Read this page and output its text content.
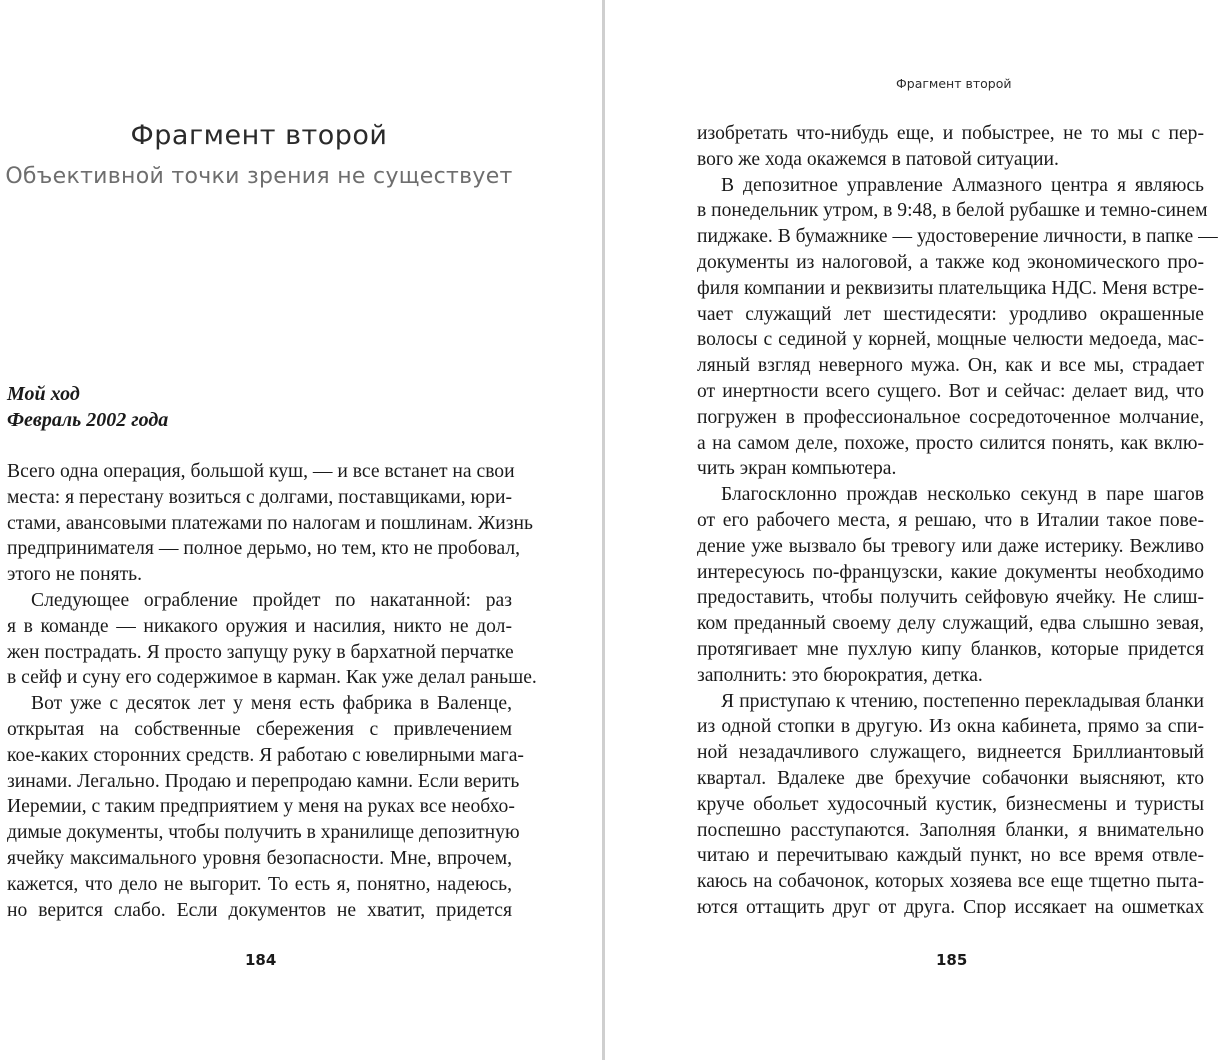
Фрагмент второй
Объективной точки зрения не существует
Мой ход
Февраль 2002 года
Всего одна операция, большой куш, — и все встанет на свои
места: я перестану возиться с долгами, поставщиками, юри-
стами, авансовыми платежами по налогам и пошлинам. Жизнь
предпринимателя — полное дерьмо, но тем, кто не пробовал,
этого не понять.
Следующее ограбление пройдет по накатанной: раз
я в команде — никакого оружия и насилия, никто не дол-
жен пострадать. Я просто запущу руку в бархатной перчатке
в сейф и суну его содержимое в карман. Как уже делал раньше.
Вот уже с десяток лет у меня есть фабрика в Валенце,
открытая на собственные сбережения с привлечением
кое-каких сторонних средств. Я работаю с ювелирными мага-
зинами. Легально. Продаю и перепродаю камни. Если верить
Иеремии, с таким предприятием у меня на руках все необхо-
димые документы, чтобы получить в хранилище депозитную
ячейку максимального уровня безопасности. Мне, впрочем,
кажется, что дело не выгорит. То есть я, понятно, надеюсь,
но верится слабо. Если документов не хватит, придется
184
Фрагмент второй
изобретать что-нибудь еще, и побыстрее, не то мы с пер-
вого же хода окажемся в патовой ситуации.
В депозитное управление Алмазного центра я являюсь
в понедельник утром, в 9:48, в белой рубашке и темно-синем
пиджаке. В бумажнике — удостоверение личности, в папке —
документы из налоговой, а также код экономического про-
филя компании и реквизиты плательщика НДС. Меня встре-
чает служащий лет шестидесяти: уродливо окрашенные
волосы с сединой у корней, мощные челюсти медоеда, мас-
ляный взгляд неверного мужа. Он, как и все мы, страдает
от инертности всего сущего. Вот и сейчас: делает вид, что
погружен в профессиональное сосредоточенное молчание,
а на самом деле, похоже, просто силится понять, как вклю-
чить экран компьютера.
Благосклонно прождав несколько секунд в паре шагов
от его рабочего места, я решаю, что в Италии такое пове-
дение уже вызвало бы тревогу или даже истерику. Вежливо
интересуюсь по-французски, какие документы необходимо
предоставить, чтобы получить сейфовую ячейку. Не слиш-
ком преданный своему делу служащий, едва слышно зевая,
протягивает мне пухлую кипу бланков, которые придется
заполнить: это бюрократия, детка.
Я приступаю к чтению, постепенно перекладывая бланки
из одной стопки в другую. Из окна кабинета, прямо за спи-
ной незадачливого служащего, виднеется Бриллиантовый
квартал. Вдалеке две брехучие собачонки выясняют, кто
круче обольет худосочный кустик, бизнесмены и туристы
поспешно расступаются. Заполняя бланки, я внимательно
читаю и перечитываю каждый пункт, но все время отвле-
каюсь на собачонок, которых хозяева все еще тщетно пыта-
ются оттащить друг от друга. Спор иссякает на ошметках
185
